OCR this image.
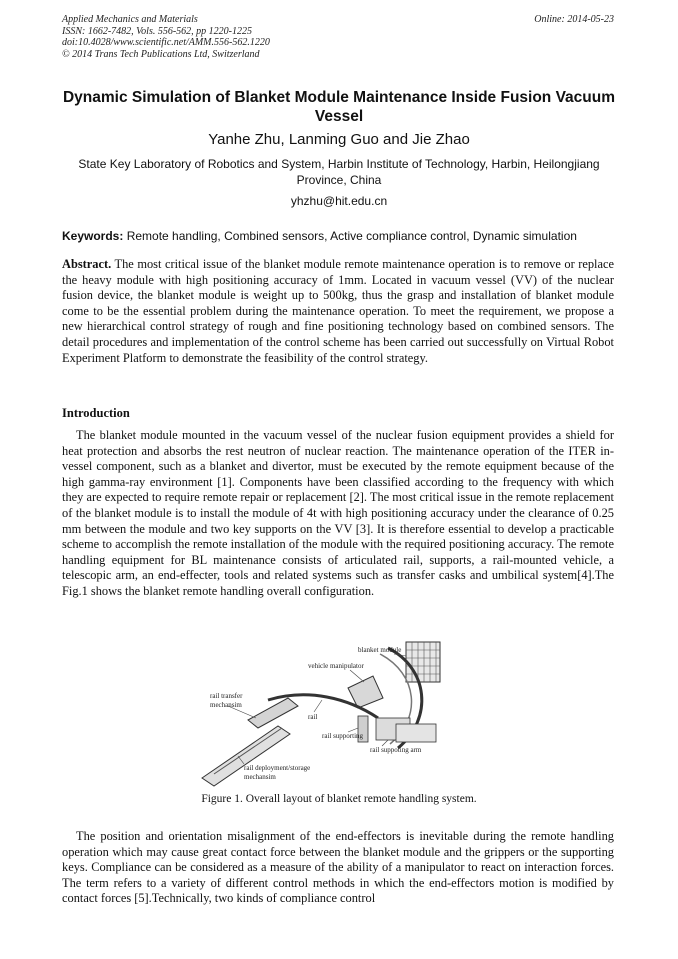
Applied Mechanics and Materials
ISSN: 1662-7482, Vols. 556-562, pp 1220-1225
doi:10.4028/www.scientific.net/AMM.556-562.1220
© 2014 Trans Tech Publications Ltd, Switzerland
Online: 2014-05-23
Dynamic Simulation of Blanket Module Maintenance Inside Fusion Vacuum Vessel
Yanhe Zhu, Lanming Guo and Jie Zhao
State Key Laboratory of Robotics and System, Harbin Institute of Technology, Harbin, Heilongjiang Province, China
yhzhu@hit.edu.cn
Keywords: Remote handling, Combined sensors, Active compliance control, Dynamic simulation
Abstract. The most critical issue of the blanket module remote maintenance operation is to remove or replace the heavy module with high positioning accuracy of 1mm. Located in vacuum vessel (VV) of the nuclear fusion device, the blanket module is weight up to 500kg, thus the grasp and installation of blanket module come to be the essential problem during the maintenance operation. To meet the requirement, we propose a new hierarchical control strategy of rough and fine positioning technology based on combined sensors. The detail procedures and implementation of the control scheme has been carried out successfully on Virtual Robot Experiment Platform to demonstrate the feasibility of the control strategy.
Introduction
The blanket module mounted in the vacuum vessel of the nuclear fusion equipment provides a shield for heat protection and absorbs the rest neutron of nuclear reaction. The maintenance operation of the ITER in-vessel component, such as a blanket and divertor, must be executed by the remote equipment because of the high gamma-ray environment [1]. Components have been classified according to the frequency with which they are expected to require remote repair or replacement [2]. The most critical issue in the remote replacement of the blanket module is to install the module of 4t with high positioning accuracy under the clearance of 0.25 mm between the module and two key supports on the VV [3]. It is therefore essential to develop a practicable scheme to accomplish the remote installation of the module with the required positioning accuracy. The remote handling equipment for BL maintenance consists of articulated rail, supports, a rail-mounted vehicle, a telescopic arm, an end-effecter, tools and related systems such as transfer casks and umbilical system[4].The Fig.1 shows the blanket remote handling overall configuration.
blanket module
vehicle manipulator
rail transfer
mechansim
rail
rail supporting
rail suppoting arm
rail deployment/storage
mechansim
Figure 1. Overall layout of blanket remote handling system.
The position and orientation misalignment of the end-effectors is inevitable during the remote handling operation which may cause great contact force between the blanket module and the grippers or the supporting keys. Compliance can be considered as a measure of the ability of a manipulator to react on interaction forces. The term refers to a variety of different control methods in which the end-effectors motion is modified by contact forces [5].Technically, two kinds of compliance control
